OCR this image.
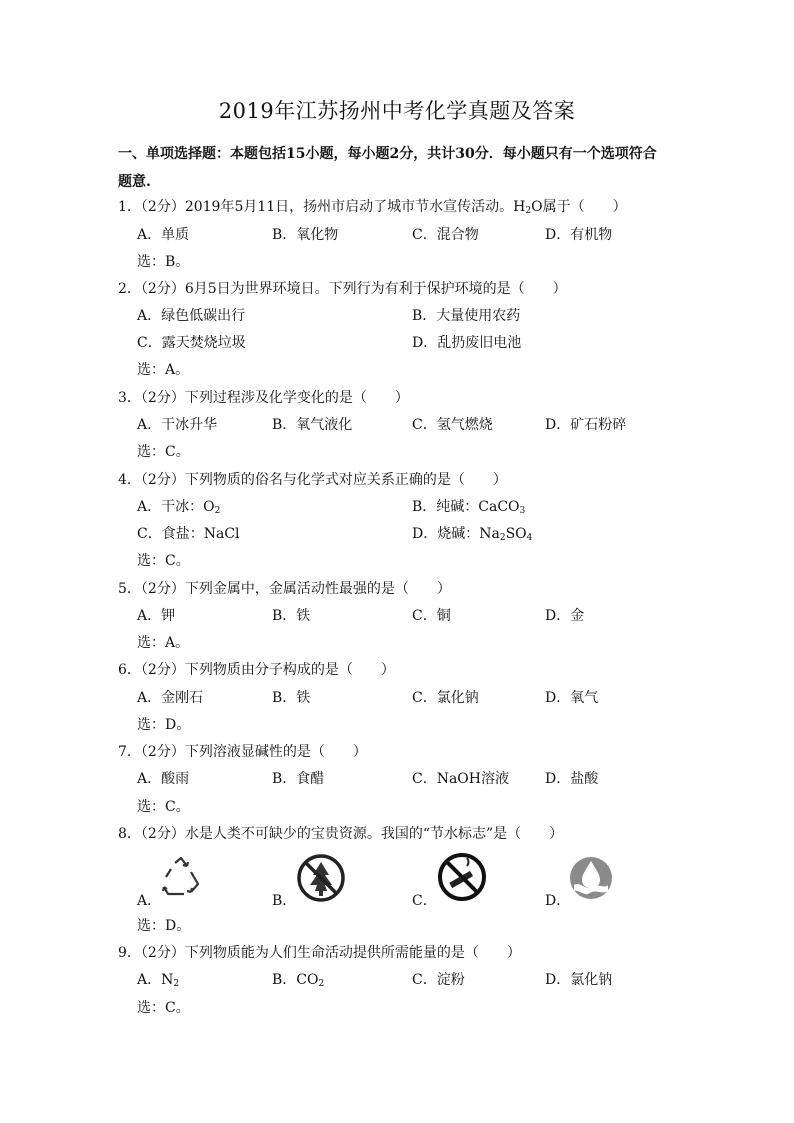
2019年江苏扬州中考化学真题及答案
一、单项选择题：本题包括15小题，每小题2分，共计30分．每小题只有一个选项符合
题意.
1．（2分）2019年5月11日，扬州市启动了城市节水宣传活动。$H_2O$属于（　　）
A．单质	B．氧化物	C．混合物	D．有机物
选：B。
2．（2分）6月5日为世界环境日。下列行为有利于保护环境的是（　　）
A．绿色低碳出行	B．大量使用农药
C．露天焚烧垃圾	D．乱扔废旧电池
选：A。
3．（2分）下列过程涉及化学变化的是（　　）
A．干冰升华	B．氧气液化	C．氢气燃烧	D．矿石粉碎
选：C。
4．（2分）下列物质的俗名与化学式对应关系正确的是（　　）
A．干冰：$O_2$	B．纯碱：CaCO$_3$
C．食盐：NaCl	D．烧碱：$Na_2SO_4$
选：C。
5．（2分）下列金属中，金属活动性最强的是（　　）
A．钾	B．铁	C．铜	D．金
选：A。
6．（2分）下列物质由分子构成的是（　　）
A．金刚石	B．铁	C．氯化钠	D．氧气
选：D。
7．（2分）下列溶液显碱性的是（　　）
A．酸雨	B．食醋	C．NaOH溶液	D．盐酸
选：C。
8．（2分）水是人类不可缺少的宝贵资源。我国的“节水标志”是（　　）
A．	B．	C．	D．
选：D。
9．（2分）下列物质能为人们生命活动提供所需能量的是（　　）
A．$N_2$	B．$CO_2$	C．淀粉	D．氯化钠
选：C。
